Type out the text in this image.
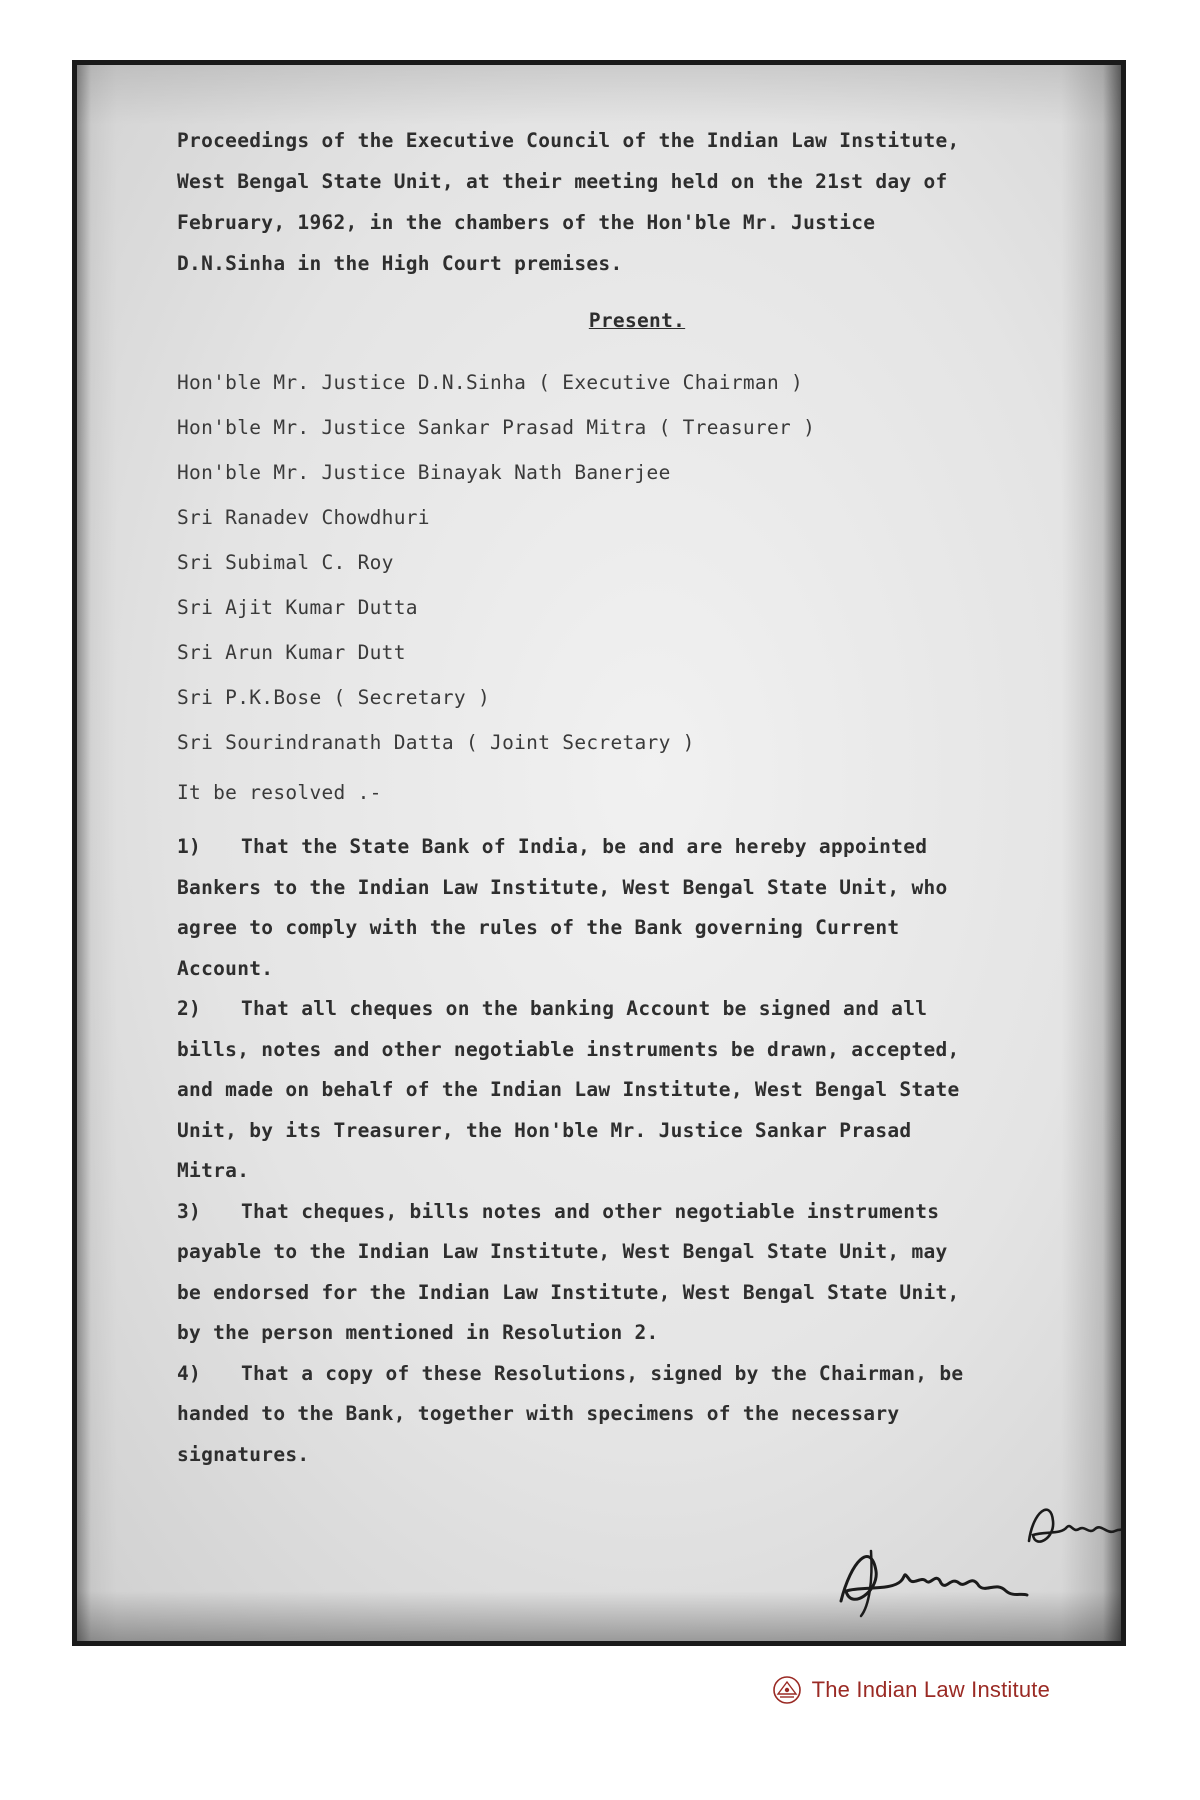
Proceedings of the Executive Council of the Indian Law Institute,

West Bengal State Unit, at their meeting held on the 21st day of

February, 1962, in the chambers of the Hon'ble Mr. Justice

D.N.Sinha in the High Court premises.

Present.
Hon'ble Mr. Justice D.N.Sinha ( Executive Chairman )
Hon'ble Mr. Justice Sankar Prasad Mitra ( Treasurer )
Hon'ble Mr. Justice Binayak Nath Banerjee
Sri Ranadev Chowdhuri
Sri Subimal C. Roy
Sri Ajit Kumar Dutta
Sri Arun Kumar Dutt
Sri P.K.Bose ( Secretary )
Sri Sourindranath Datta ( Joint Secretary )
It be resolved .-
1) That the State Bank of India, be and are hereby appointed
Bankers to the Indian Law Institute, West Bengal State Unit, who
agree to comply with the rules of the Bank governing Current
Account.
2) That all cheques on the banking Account be signed and all
bills, notes and other negotiable instruments be drawn, accepted,
and made on behalf of the Indian Law Institute, West Bengal State
Unit, by its Treasurer, the Hon'ble Mr. Justice Sankar Prasad
Mitra.
3) That cheques, bills notes and other negotiable instruments
payable to the Indian Law Institute, West Bengal State Unit, may
be endorsed for the Indian Law Institute, West Bengal State Unit,
by the person mentioned in Resolution 2.
4) That a copy of these Resolutions, signed by the Chairman, be
handed to the Bank, together with specimens of the necessary
signatures.
The Indian Law Institute
